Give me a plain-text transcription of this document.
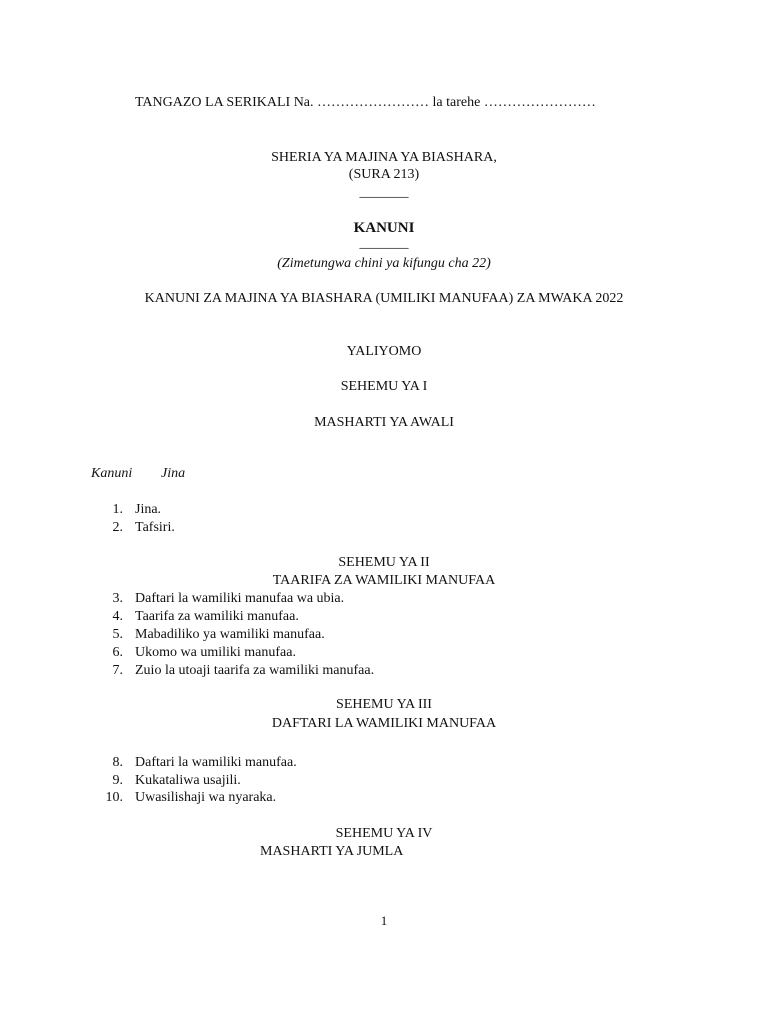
TANGAZO LA SERIKALI Na. …………………… la tarehe ……………………
SHERIA YA MAJINA YA BIASHARA,
(SURA 213)
_______
KANUNI
_______
(Zimetungwa chini ya kifungu cha 22)
KANUNI ZA MAJINA YA BIASHARA (UMILIKI MANUFAA) ZA MWAKA 2022
YALIYOMO
SEHEMU YA I
MASHARTI YA AWALI
Kanuni Jina
1. Jina.
2. Tafsiri.
SEHEMU YA II
TAARIFA ZA WAMILIKI MANUFAA
3. Daftari la wamiliki manufaa wa ubia.
4. Taarifa za wamiliki manufaa.
5. Mabadiliko ya wamiliki manufaa.
6. Ukomo wa umiliki manufaa.
7. Zuio la utoaji taarifa za wamiliki manufaa.
SEHEMU YA III
DAFTARI LA WAMILIKI MANUFAA
8. Daftari la wamiliki manufaa.
9. Kukataliwa usajili.
10. Uwasilishaji wa nyaraka.
SEHEMU YA IV
MASHARTI YA JUMLA
1
